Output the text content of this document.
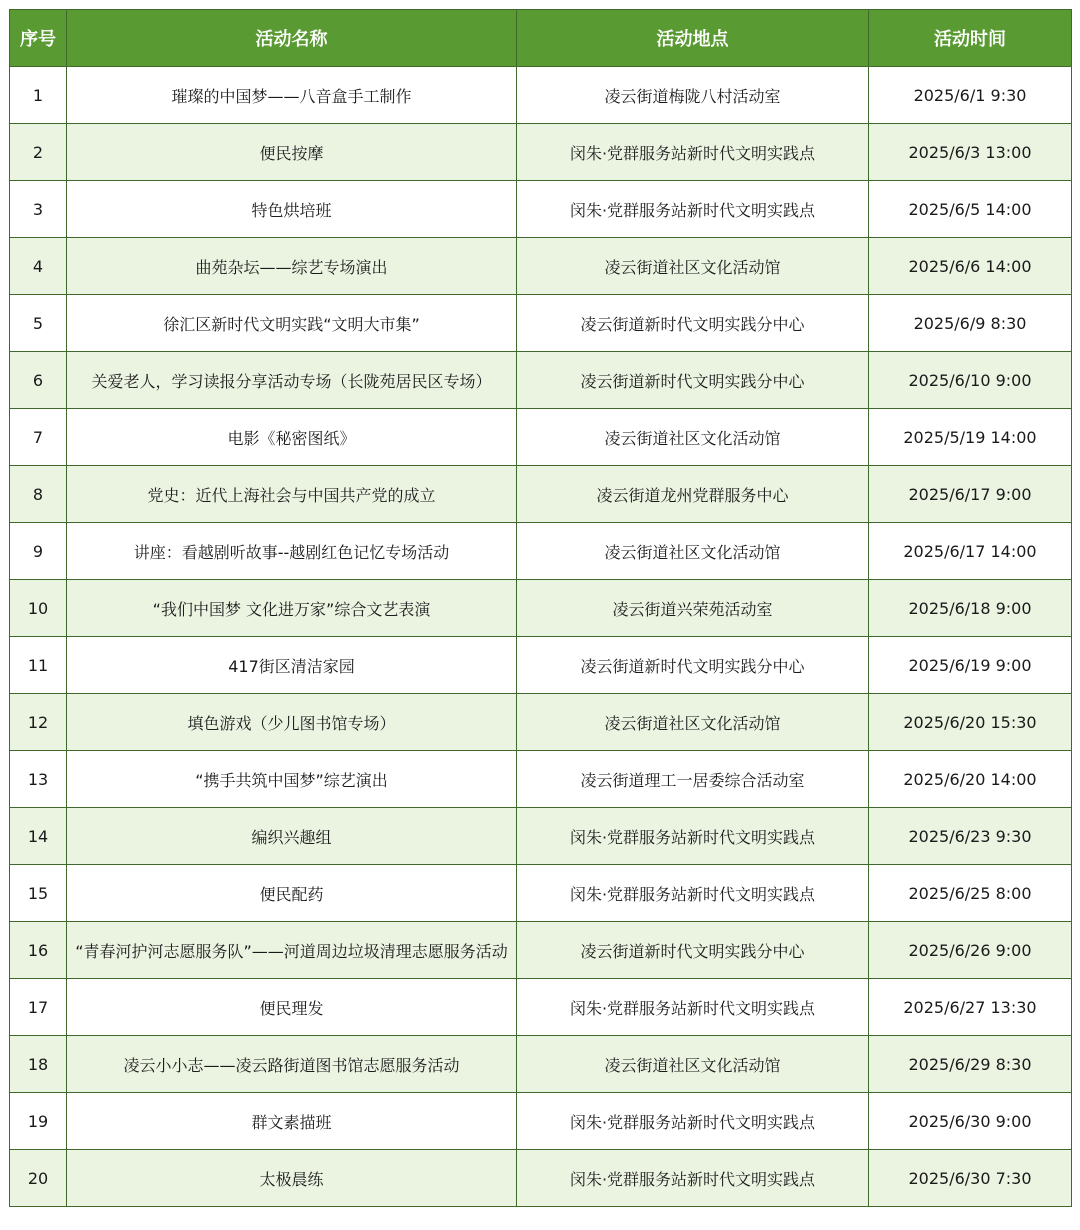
序号	活动名称	活动地点	活动时间
1	璀璨的中国梦——八音盒手工制作	凌云街道梅陇八村活动室	2025/6/1 9:30
2	便民按摩	闵朱·党群服务站新时代文明实践点	2025/6/3 13:00
3	特色烘培班	闵朱·党群服务站新时代文明实践点	2025/6/5 14:00
4	曲苑杂坛——综艺专场演出	凌云街道社区文化活动馆	2025/6/6 14:00
5	徐汇区新时代文明实践“文明大市集”	凌云街道新时代文明实践分中心	2025/6/9 8:30
6	关爱老人，学习读报分享活动专场（长陇苑居民区专场）	凌云街道新时代文明实践分中心	2025/6/10 9:00
7	电影《秘密图纸》	凌云街道社区文化活动馆	2025/5/19 14:00
8	党史：近代上海社会与中国共产党的成立	凌云街道龙州党群服务中心	2025/6/17 9:00
9	讲座：看越剧听故事--越剧红色记忆专场活动	凌云街道社区文化活动馆	2025/6/17 14:00
10	“我们中国梦 文化进万家”综合文艺表演	凌云街道兴荣苑活动室	2025/6/18 9:00
11	417街区清洁家园	凌云街道新时代文明实践分中心	2025/6/19 9:00
12	填色游戏（少儿图书馆专场）	凌云街道社区文化活动馆	2025/6/20 15:30
13	“携手共筑中国梦”综艺演出	凌云街道理工一居委综合活动室	2025/6/20 14:00
14	编织兴趣组	闵朱·党群服务站新时代文明实践点	2025/6/23 9:30
15	便民配药	闵朱·党群服务站新时代文明实践点	2025/6/25 8:00
16	“青春河护河志愿服务队”——河道周边垃圾清理志愿服务活动	凌云街道新时代文明实践分中心	2025/6/26 9:00
17	便民理发	闵朱·党群服务站新时代文明实践点	2025/6/27 13:30
18	凌云小小志——凌云路街道图书馆志愿服务活动	凌云街道社区文化活动馆	2025/6/29 8:30
19	群文素描班	闵朱·党群服务站新时代文明实践点	2025/6/30 9:00
20	太极晨练	闵朱·党群服务站新时代文明实践点	2025/6/30 7:30
